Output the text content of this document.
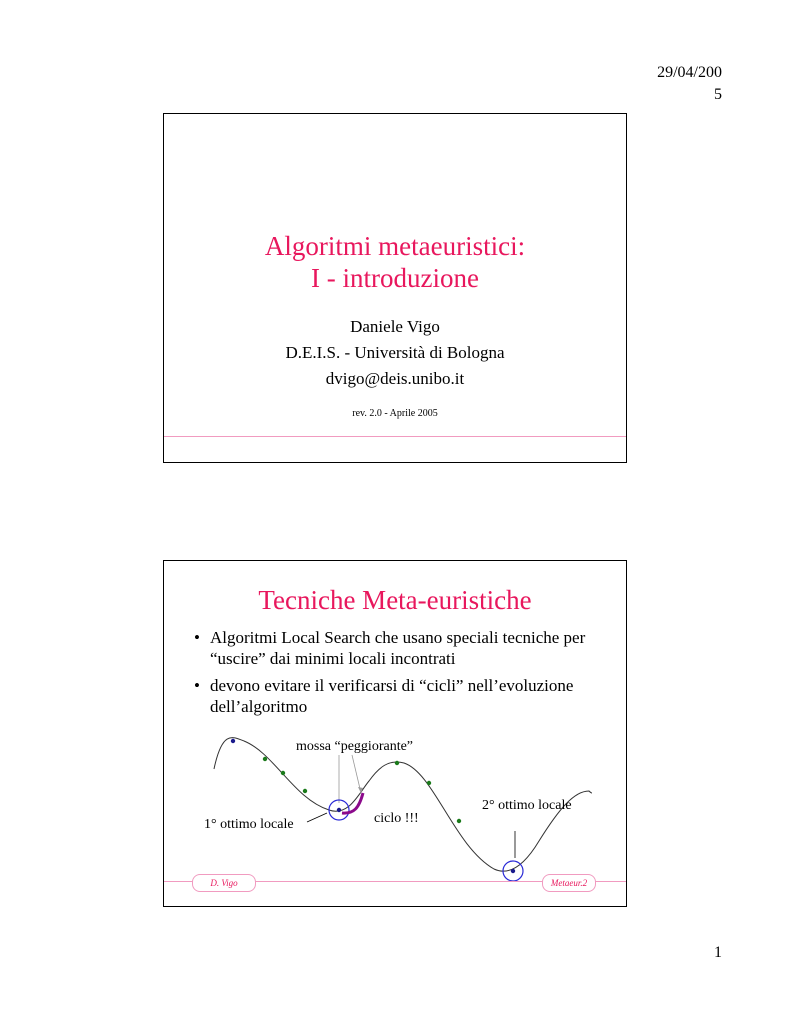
29/04/200
5
Algoritmi metaeuristici:
I - introduzione
Daniele Vigo
D.E.I.S. - Università di Bologna
dvigo@deis.unibo.it
rev. 2.0 - Aprile 2005
Tecniche Meta-euristiche
• Algoritmi Local Search che usano speciali tecniche per “uscire” dai minimi locali incontrati
• devono evitare il verificarsi di “cicli” nell’evoluzione dell’algoritmo
mossa “peggiorante”
1° ottimo locale	ciclo !!!
2° ottimo locale
D. Vigo	Metaeur.2
1
